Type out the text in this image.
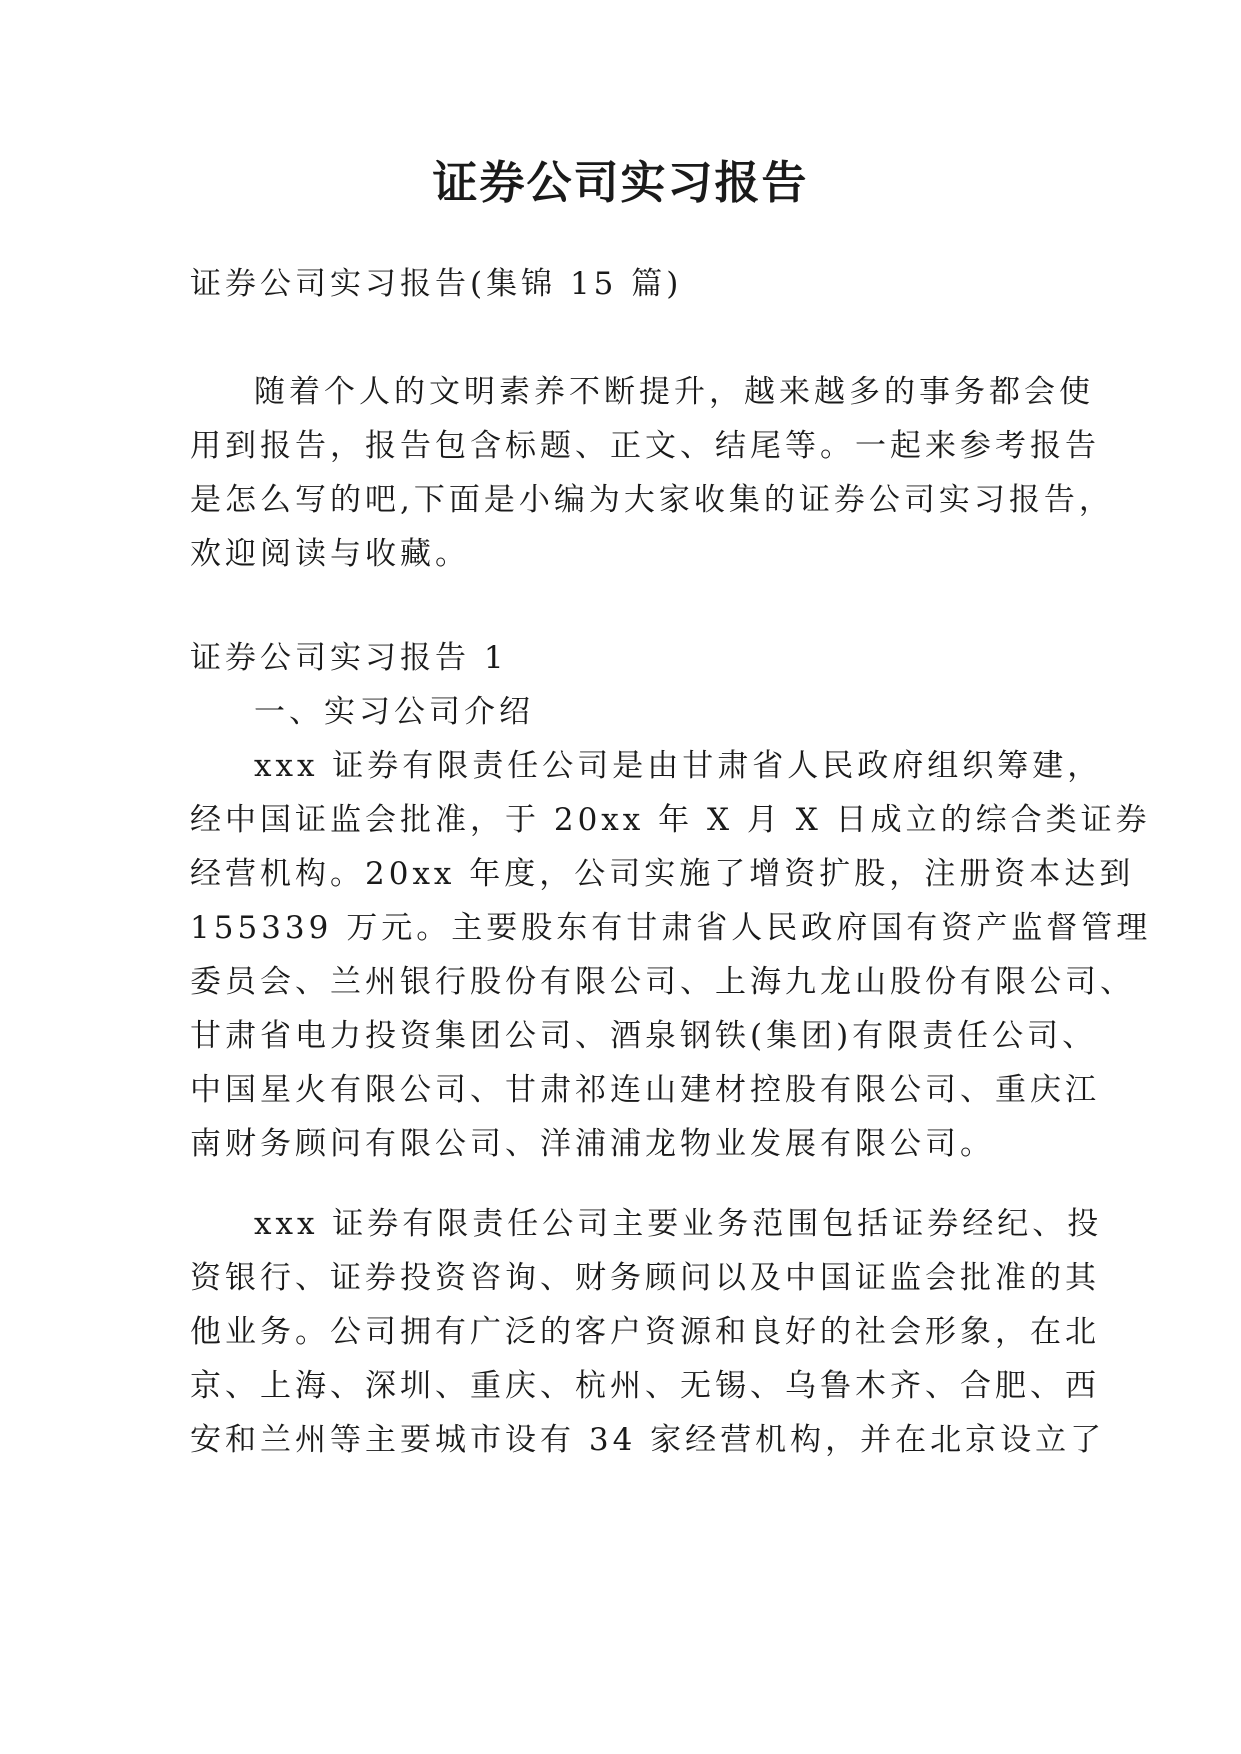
证券公司实习报告
证券公司实习报告(集锦 15 篇)
随着个人的文明素养不断提升，越来越多的事务都会使
用到报告，报告包含标题、正文、结尾等。一起来参考报告
是怎么写的吧,下面是小编为大家收集的证券公司实习报告，
欢迎阅读与收藏。
证券公司实习报告 1
一、实习公司介绍
xxx 证券有限责任公司是由甘肃省人民政府组织筹建，
经中国证监会批准，于 20xx 年 X 月 X 日成立的综合类证券
经营机构。20xx 年度，公司实施了增资扩股，注册资本达到
155339 万元。主要股东有甘肃省人民政府国有资产监督管理
委员会、兰州银行股份有限公司、上海九龙山股份有限公司、
甘肃省电力投资集团公司、酒泉钢铁(集团)有限责任公司、
中国星火有限公司、甘肃祁连山建材控股有限公司、重庆江
南财务顾问有限公司、洋浦浦龙物业发展有限公司。
xxx 证券有限责任公司主要业务范围包括证券经纪、投
资银行、证券投资咨询、财务顾问以及中国证监会批准的其
他业务。公司拥有广泛的客户资源和良好的社会形象，在北
京、上海、深圳、重庆、杭州、无锡、乌鲁木齐、合肥、西
安和兰州等主要城市设有 34 家经营机构，并在北京设立了
